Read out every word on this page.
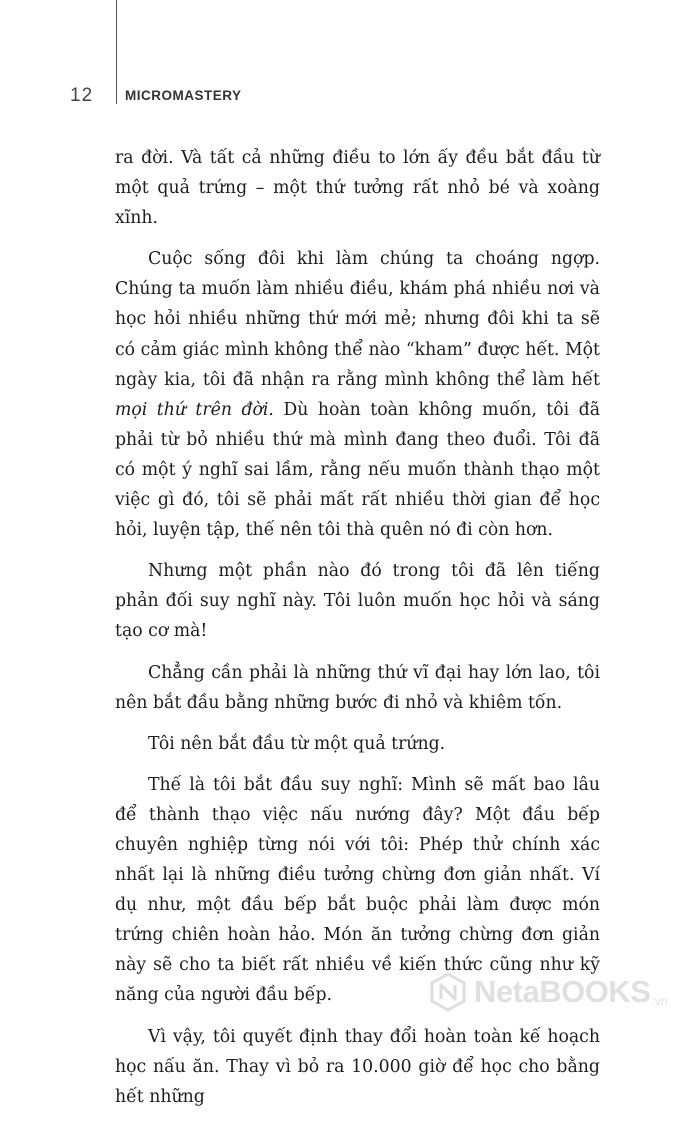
12 MICROMASTERY

ra đời. Và tất cả những điều to lớn ấy đều bắt đầu từ một quả trứng – một thứ tưởng rất nhỏ bé và xoàng xĩnh.

Cuộc sống đôi khi làm chúng ta choáng ngợp. Chúng ta muốn làm nhiều điều, khám phá nhiều nơi và học hỏi nhiều những thứ mới mẻ; nhưng đôi khi ta sẽ có cảm giác mình không thể nào “kham” được hết. Một ngày kia, tôi đã nhận ra rằng mình không thể làm hết mọi thứ trên đời. Dù hoàn toàn không muốn, tôi đã phải từ bỏ nhiều thứ mà mình đang theo đuổi. Tôi đã có một ý nghĩ sai lầm, rằng nếu muốn thành thạo một việc gì đó, tôi sẽ phải mất rất nhiều thời gian để học hỏi, luyện tập, thế nên tôi thà quên nó đi còn hơn.

Nhưng một phần nào đó trong tôi đã lên tiếng phản đối suy nghĩ này. Tôi luôn muốn học hỏi và sáng tạo cơ mà!

Chẳng cần phải là những thứ vĩ đại hay lớn lao, tôi nên bắt đầu bằng những bước đi nhỏ và khiêm tốn.

Tôi nên bắt đầu từ một quả trứng.

Thế là tôi bắt đầu suy nghĩ: Mình sẽ mất bao lâu để thành thạo việc nấu nướng đây? Một đầu bếp chuyên nghiệp từng nói với tôi: Phép thử chính xác nhất lại là những điều tưởng chừng đơn giản nhất. Ví dụ như, một đầu bếp bắt buộc phải làm được món trứng chiên hoàn hảo. Món ăn tưởng chừng đơn giản này sẽ cho ta biết rất nhiều về kiến thức cũng như kỹ năng của người đầu bếp.

Vì vậy, tôi quyết định thay đổi hoàn toàn kế hoạch học nấu ăn. Thay vì bỏ ra 10.000 giờ để học cho bằng hết những

NetaBOOKS .vn
